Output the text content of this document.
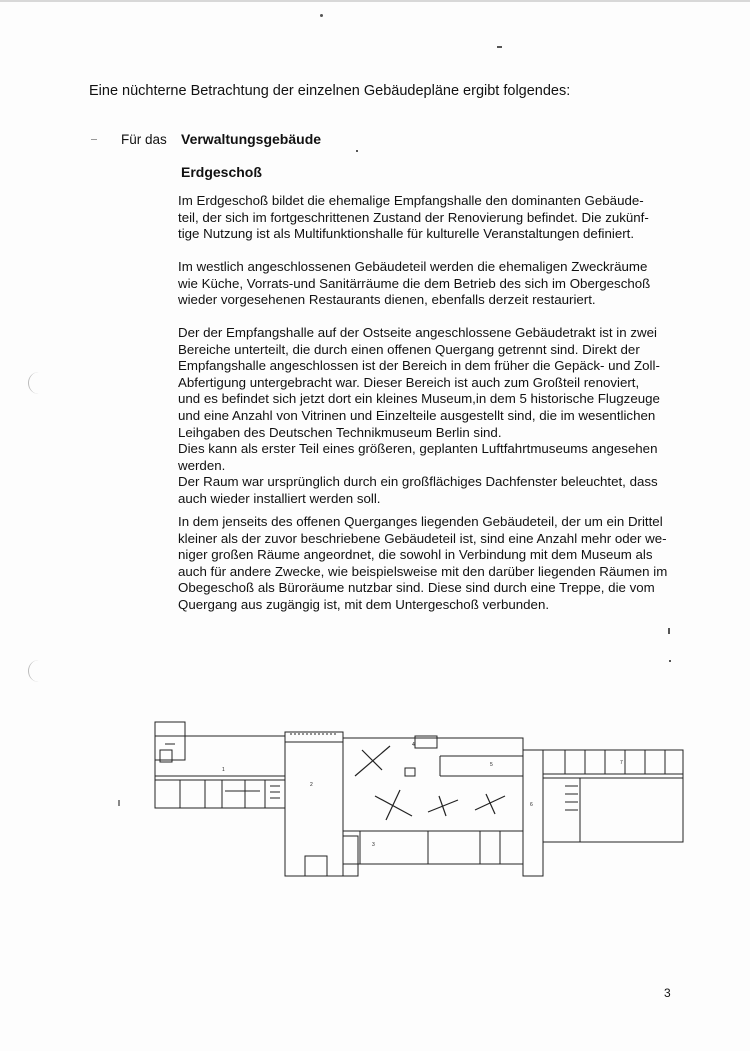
Eine nüchterne Betrachtung der einzelnen Gebäudepläne ergibt folgendes:
Für das Verwaltungsgebäude
Erdgeschoß

Im Erdgeschoß bildet die ehemalige Empfangshalle den dominanten Gebäude-
teil, der sich im fortgeschrittenen Zustand der Renovierung befindet. Die zukünf-
tige Nutzung ist als Multifunktionshalle für kulturelle Veranstaltungen definiert.

Im westlich angeschlossenen Gebäudeteil werden die ehemaligen Zweckräume
wie Küche, Vorrats-und Sanitärräume die dem Betrieb des sich im Obergeschoß
wieder vorgesehenen Restaurants dienen, ebenfalls derzeit restauriert.

Der der Empfangshalle auf der Ostseite angeschlossene Gebäudetrakt ist in zwei
Bereiche unterteilt, die durch einen offenen Quergang getrennt sind. Direkt der
Empfangshalle angeschlossen ist der Bereich in dem früher die Gepäck- und Zoll-
Abfertigung untergebracht war. Dieser Bereich ist auch zum Großteil renoviert,
und es befindet sich jetzt dort ein kleines Museum,in dem 5 historische Flugzeuge
und eine Anzahl von Vitrinen und Einzelteile ausgestellt sind, die im wesentlichen
Leihgaben des Deutschen Technikmuseum Berlin sind.
Dies kann als erster Teil eines größeren, geplanten Luftfahrtmuseums angesehen
werden.
Der Raum war ursprünglich durch ein großflächiges Dachfenster beleuchtet, dass
auch wieder installiert werden soll.

In dem jenseits des offenen Querganges liegenden Gebäudeteil, der um ein Drittel
kleiner als der zuvor beschriebene Gebäudeteil ist, sind eine Anzahl mehr oder we-
niger großen Räume angeordnet, die sowohl in Verbindung mit dem Museum als
auch für andere Zwecke, wie beispielsweise mit den darüber liegenden Räumen im
Obegeschoß als Büroräume nutzbar sind. Diese sind durch eine Treppe, die vom
Quergang aus zugängig ist, mit dem Untergeschoß verbunden.

1
2
3
4
5
6
7
3
